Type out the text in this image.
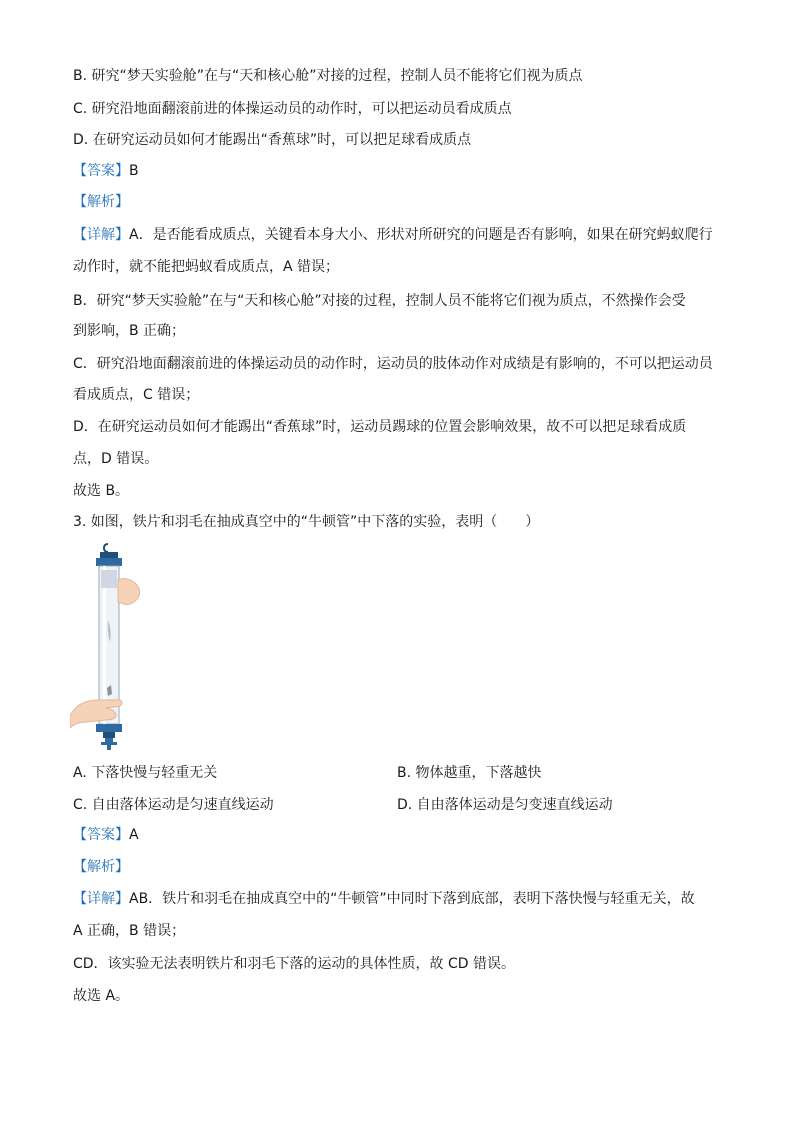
B. 研究“梦天实验舱”在与“天和核心舱”对接的过程，控制人员不能将它们视为质点
C. 研究沿地面翻滚前进的体操运动员的动作时，可以把运动员看成质点
D. 在研究运动员如何才能踢出“香蕉球”时，可以把足球看成质点
【答案】B
【解析】
【详解】A．是否能看成质点，关键看本身大小、形状对所研究的问题是否有影响，如果在研究蚂蚁爬行
动作时，就不能把蚂蚁看成质点，A 错误；
B．研究“梦天实验舱”在与“天和核心舱”对接的过程，控制人员不能将它们视为质点，不然操作会受
到影响，B 正确；
C．研究沿地面翻滚前进的体操运动员的动作时，运动员的肢体动作对成绩是有影响的，不可以把运动员
看成质点，C 错误；
D．在研究运动员如何才能踢出“香蕉球”时，运动员踢球的位置会影响效果，故不可以把足球看成质
点，D 错误。
故选 B。
3. 如图，铁片和羽毛在抽成真空中的“牛顿管”中下落的实验，表明（　　）
A. 下落快慢与轻重无关	B. 物体越重，下落越快
C. 自由落体运动是匀速直线运动	D. 自由落体运动是匀变速直线运动
【答案】A
【解析】
【详解】AB．铁片和羽毛在抽成真空中的“牛顿管”中同时下落到底部，表明下落快慢与轻重无关，故
A 正确，B 错误；
CD．该实验无法表明铁片和羽毛下落的运动的具体性质，故 CD 错误。
故选 A。
